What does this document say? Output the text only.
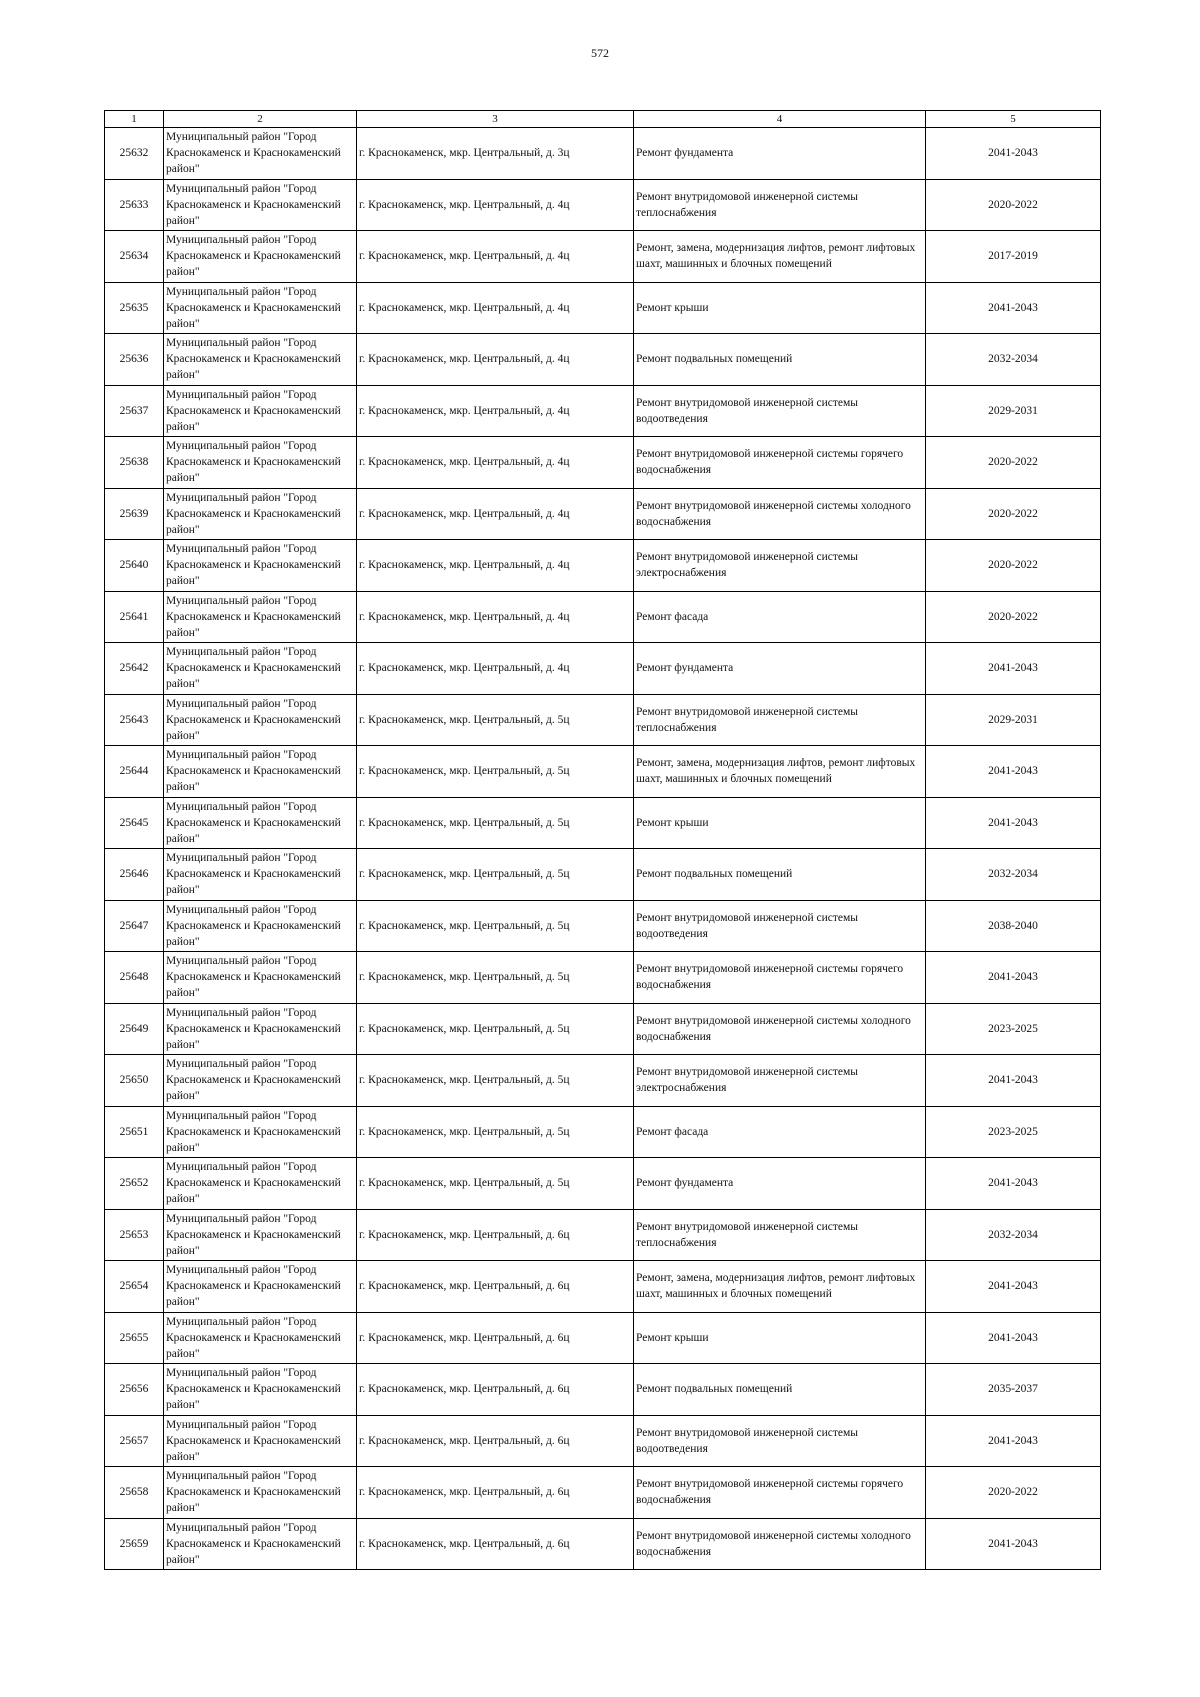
572
1	2	3	4	5
25632	Муниципальный район "Город Краснокаменск и Краснокаменский район"	г. Краснокаменск, мкр. Центральный, д. 3ц	Ремонт фундамента	2041-2043
25633	Муниципальный район "Город Краснокаменск и Краснокаменский район"	г. Краснокаменск, мкр. Центральный, д. 4ц	Ремонт внутридомовой инженерной системы теплоснабжения	2020-2022
25634	Муниципальный район "Город Краснокаменск и Краснокаменский район"	г. Краснокаменск, мкр. Центральный, д. 4ц	Ремонт, замена, модернизация лифтов, ремонт лифтовых шахт, машинных и блочных помещений	2017-2019
25635	Муниципальный район "Город Краснокаменск и Краснокаменский район"	г. Краснокаменск, мкр. Центральный, д. 4ц	Ремонт крыши	2041-2043
25636	Муниципальный район "Город Краснокаменск и Краснокаменский район"	г. Краснокаменск, мкр. Центральный, д. 4ц	Ремонт подвальных помещений	2032-2034
25637	Муниципальный район "Город Краснокаменск и Краснокаменский район"	г. Краснокаменск, мкр. Центральный, д. 4ц	Ремонт внутридомовой инженерной системы водоотведения	2029-2031
25638	Муниципальный район "Город Краснокаменск и Краснокаменский район"	г. Краснокаменск, мкр. Центральный, д. 4ц	Ремонт внутридомовой инженерной системы горячего водоснабжения	2020-2022
25639	Муниципальный район "Город Краснокаменск и Краснокаменский район"	г. Краснокаменск, мкр. Центральный, д. 4ц	Ремонт внутридомовой инженерной системы холодного водоснабжения	2020-2022
25640	Муниципальный район "Город Краснокаменск и Краснокаменский район"	г. Краснокаменск, мкр. Центральный, д. 4ц	Ремонт внутридомовой инженерной системы электроснабжения	2020-2022
25641	Муниципальный район "Город Краснокаменск и Краснокаменский район"	г. Краснокаменск, мкр. Центральный, д. 4ц	Ремонт фасада	2020-2022
25642	Муниципальный район "Город Краснокаменск и Краснокаменский район"	г. Краснокаменск, мкр. Центральный, д. 4ц	Ремонт фундамента	2041-2043
25643	Муниципальный район "Город Краснокаменск и Краснокаменский район"	г. Краснокаменск, мкр. Центральный, д. 5ц	Ремонт внутридомовой инженерной системы теплоснабжения	2029-2031
25644	Муниципальный район "Город Краснокаменск и Краснокаменский район"	г. Краснокаменск, мкр. Центральный, д. 5ц	Ремонт, замена, модернизация лифтов, ремонт лифтовых шахт, машинных и блочных помещений	2041-2043
25645	Муниципальный район "Город Краснокаменск и Краснокаменский район"	г. Краснокаменск, мкр. Центральный, д. 5ц	Ремонт крыши	2041-2043
25646	Муниципальный район "Город Краснокаменск и Краснокаменский район"	г. Краснокаменск, мкр. Центральный, д. 5ц	Ремонт подвальных помещений	2032-2034
25647	Муниципальный район "Город Краснокаменск и Краснокаменский район"	г. Краснокаменск, мкр. Центральный, д. 5ц	Ремонт внутридомовой инженерной системы водоотведения	2038-2040
25648	Муниципальный район "Город Краснокаменск и Краснокаменский район"	г. Краснокаменск, мкр. Центральный, д. 5ц	Ремонт внутридомовой инженерной системы горячего водоснабжения	2041-2043
25649	Муниципальный район "Город Краснокаменск и Краснокаменский район"	г. Краснокаменск, мкр. Центральный, д. 5ц	Ремонт внутридомовой инженерной системы холодного водоснабжения	2023-2025
25650	Муниципальный район "Город Краснокаменск и Краснокаменский район"	г. Краснокаменск, мкр. Центральный, д. 5ц	Ремонт внутридомовой инженерной системы электроснабжения	2041-2043
25651	Муниципальный район "Город Краснокаменск и Краснокаменский район"	г. Краснокаменск, мкр. Центральный, д. 5ц	Ремонт фасада	2023-2025
25652	Муниципальный район "Город Краснокаменск и Краснокаменский район"	г. Краснокаменск, мкр. Центральный, д. 5ц	Ремонт фундамента	2041-2043
25653	Муниципальный район "Город Краснокаменск и Краснокаменский район"	г. Краснокаменск, мкр. Центральный, д. 6ц	Ремонт внутридомовой инженерной системы теплоснабжения	2032-2034
25654	Муниципальный район "Город Краснокаменск и Краснокаменский район"	г. Краснокаменск, мкр. Центральный, д. 6ц	Ремонт, замена, модернизация лифтов, ремонт лифтовых шахт, машинных и блочных помещений	2041-2043
25655	Муниципальный район "Город Краснокаменск и Краснокаменский район"	г. Краснокаменск, мкр. Центральный, д. 6ц	Ремонт крыши	2041-2043
25656	Муниципальный район "Город Краснокаменск и Краснокаменский район"	г. Краснокаменск, мкр. Центральный, д. 6ц	Ремонт подвальных помещений	2035-2037
25657	Муниципальный район "Город Краснокаменск и Краснокаменский район"	г. Краснокаменск, мкр. Центральный, д. 6ц	Ремонт внутридомовой инженерной системы водоотведения	2041-2043
25658	Муниципальный район "Город Краснокаменск и Краснокаменский район"	г. Краснокаменск, мкр. Центральный, д. 6ц	Ремонт внутридомовой инженерной системы горячего водоснабжения	2020-2022
25659	Муниципальный район "Город Краснокаменск и Краснокаменский район"	г. Краснокаменск, мкр. Центральный, д. 6ц	Ремонт внутридомовой инженерной системы холодного водоснабжения	2041-2043
